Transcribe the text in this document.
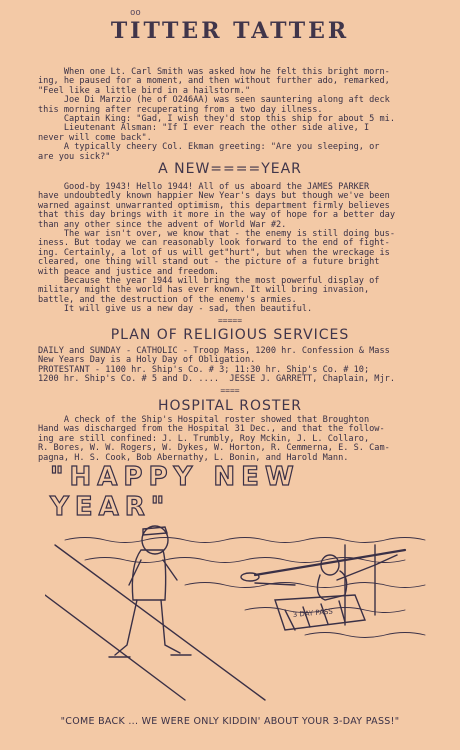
oo
TITTER TATTER
When one Lt. Carl Smith was asked how he felt this bright morn-
ing, he paused for a moment, and then without further ado, remarked,
"Feel like a little bird in a hailstorm."
Joe Di Marzio (he of O246AA) was seen sauntering along aft deck
this morning after recuperating from a two day illness.
Captain King: "Gad, I wish they'd stop this ship for about 5 mi.
Lieutenant Alsman: "If I ever reach the other side alive, I
never will come back".
A typically cheery Col. Ekman greeting: "Are you sleeping, or
are you sick?"
A NEW====YEAR
Good-by 1943! Hello 1944! All of us aboard the JAMES PARKER
have undoubtedly known happier New Year's days but though we've been
warned against unwarranted optimism, this department firmly believes
that this day brings with it more in the way of hope for a better day
than any other since the advent of World War #2.
The war isn't over, we know that - the enemy is still doing bus-
iness. But today we can reasonably look forward to the end of fight-
ing. Certainly, a lot of us will get"hurt", but when the wreckage is
cleared, one thing will stand out - the picture of a future bright
with peace and justice and freedom.
Because the year 1944 will bring the most powerful display of
military might the world has ever known. It will bring invasion,
battle, and the destruction of the enemy's armies.
It will give us a new day - sad, then beautiful.
=====
PLAN OF RELIGIOUS SERVICES
DAILY and SUNDAY - CATHOLIC - Troop Mass, 1200 hr. Confession & Mass
New Years Day is a Holy Day of Obligation.
PROTESTANT - 1100 hr. Ship's Co. # 3; 11:30 hr. Ship's Co. # 10;
1200 hr. Ship's Co. # 5 and D. ....  JESSE J. GARRETT, Chaplain, Mjr.
====
HOSPITAL ROSTER
A check of the Ship's Hospital roster showed that Broughton
Hand was discharged from the Hospital 31 Dec., and that the follow-
ing are still confined: J. L. Trumbly, Roy Mckin, J. L. Collaro,
R. Bores, W. W. Rogers, W. Dykes, W. Horton, R. Cemmerna, E. S. Cam-
pagna, H. S. Cook, Bob Abernathy, L. Bonin, and Harold Mann.
"HAPPY NEW YEAR"
3 DAY PASS
"COME BACK ... WE WERE ONLY KIDDIN' ABOUT YOUR 3-DAY PASS!"
